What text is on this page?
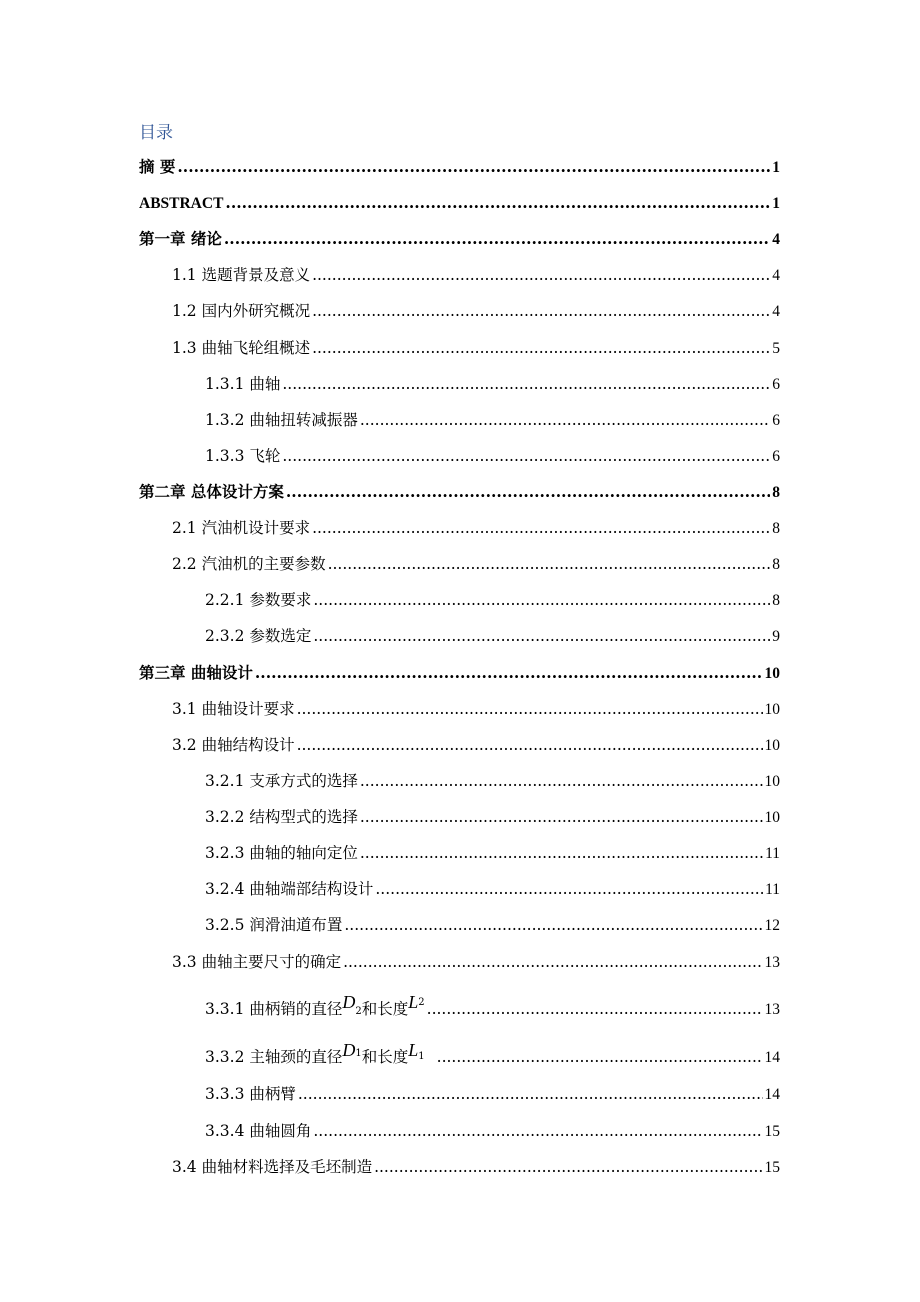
目录
摘 要 .....	1
ABSTRACT .....	1
第一章 绪论 .....	4
1.1 选题背景及意义 .....	4
1.2 国内外研究概况 .....	4
1.3 曲轴飞轮组概述 .....	5
1.3.1 曲轴 .....	6
1.3.2 曲轴扭转减振器 .....	6
1.3.3 飞轮 .....	6
第二章 总体设计方案 .....	8
2.1 汽油机设计要求 .....	8
2.2 汽油机的主要参数 .....	8
2.2.1 参数要求 .....	8
2.3.2 参数选定 .....	9
第三章 曲轴设计 .....	10
3.1 曲轴设计要求 .....	10
3.2 曲轴结构设计 .....	10
3.2.1 支承方式的选择 .....	10
3.2.2 结构型式的选择 .....	10
3.2.3 曲轴的轴向定位 .....	11
3.2.4 曲轴端部结构设计 .....	11
3.2.5 润滑油道布置 .....	12
3.3 曲轴主要尺寸的确定 .....	13
3.3.1 曲柄销的直径D2和长度$L^2$ .....	13
3.3.2 主轴颈的直径$D^1$和长度L1 .....	14
3.3.3 曲柄臂 .....	14
3.3.4 曲轴圆角 .....	15
3.4 曲轴材料选择及毛坯制造 .....	15
